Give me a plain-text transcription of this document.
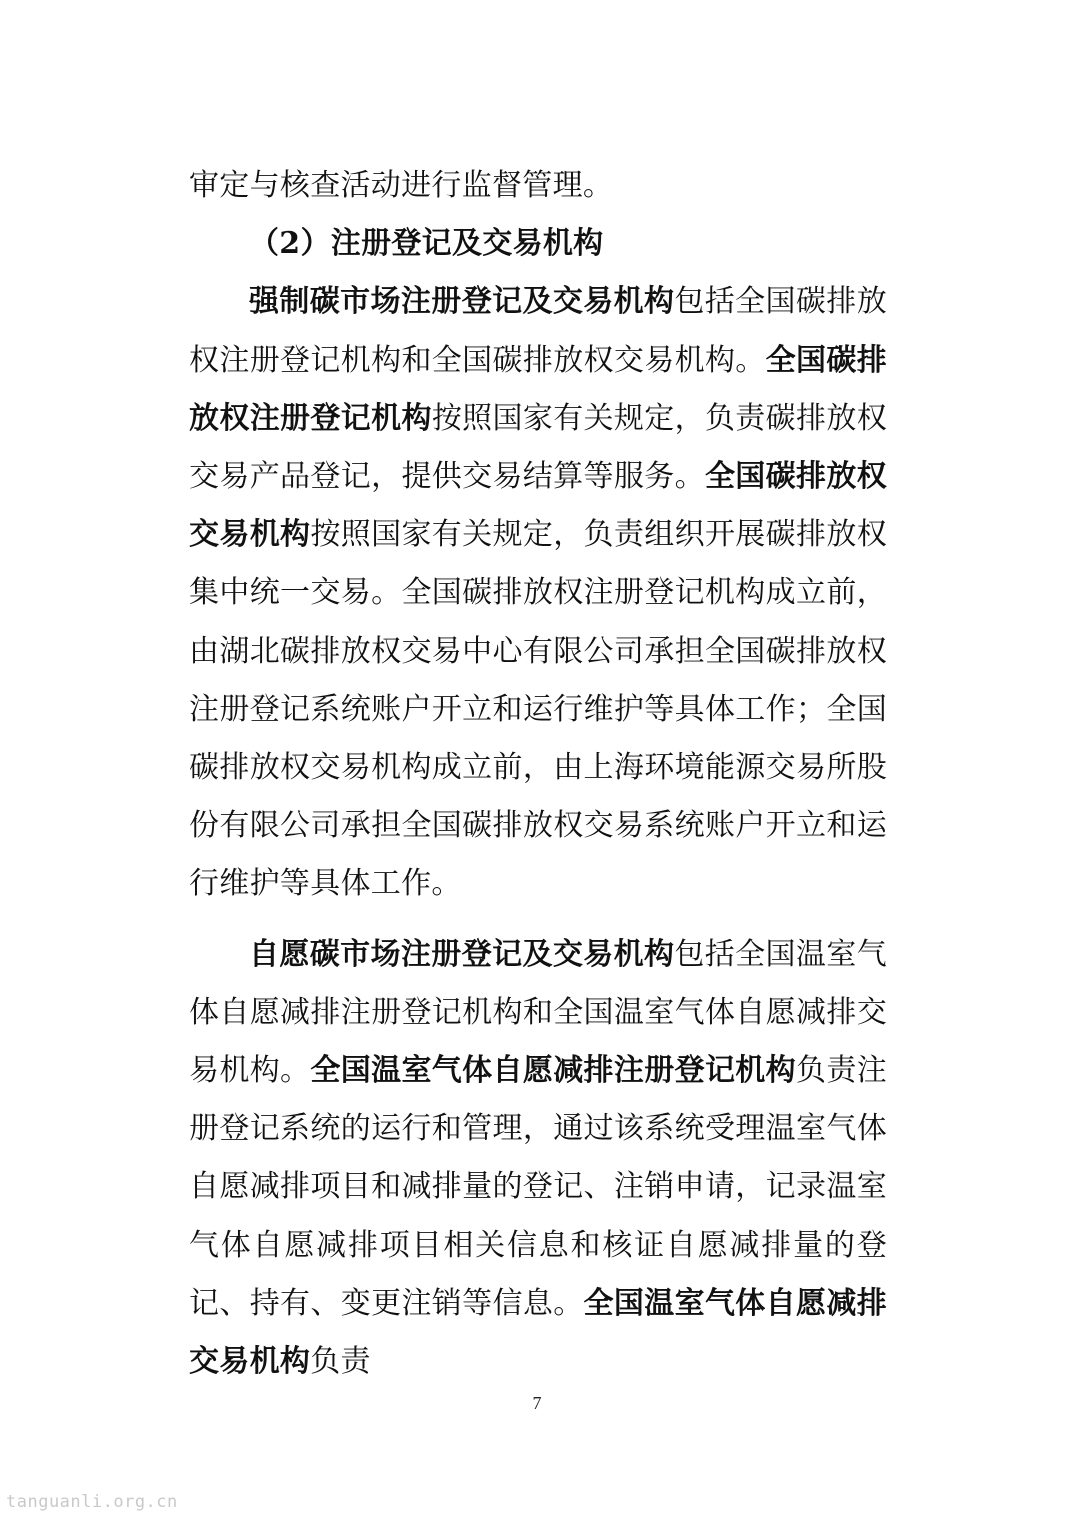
审定与核查活动进行监督管理。

（2）注册登记及交易机构

强制碳市场注册登记及交易机构包括全国碳排放权注册登记机构和全国碳排放权交易机构。全国碳排放权注册登记机构按照国家有关规定，负责碳排放权交易产品登记，提供交易结算等服务。全国碳排放权交易机构按照国家有关规定，负责组织开展碳排放权集中统一交易。全国碳排放权注册登记机构成立前，由湖北碳排放权交易中心有限公司承担全国碳排放权注册登记系统账户开立和运行维护等具体工作；全国碳排放权交易机构成立前，由上海环境能源交易所股份有限公司承担全国碳排放权交易系统账户开立和运行维护等具体工作。

自愿碳市场注册登记及交易机构包括全国温室气体自愿减排注册登记机构和全国温室气体自愿减排交易机构。全国温室气体自愿减排注册登记机构负责注册登记系统的运行和管理，通过该系统受理温室气体自愿减排项目和减排量的登记、注销申请，记录温室气体自愿减排项目相关信息和核证自愿减排量的登记、持有、变更注销等信息。全国温室气体自愿减排交易机构负责

7
tanguanli.org.cn
